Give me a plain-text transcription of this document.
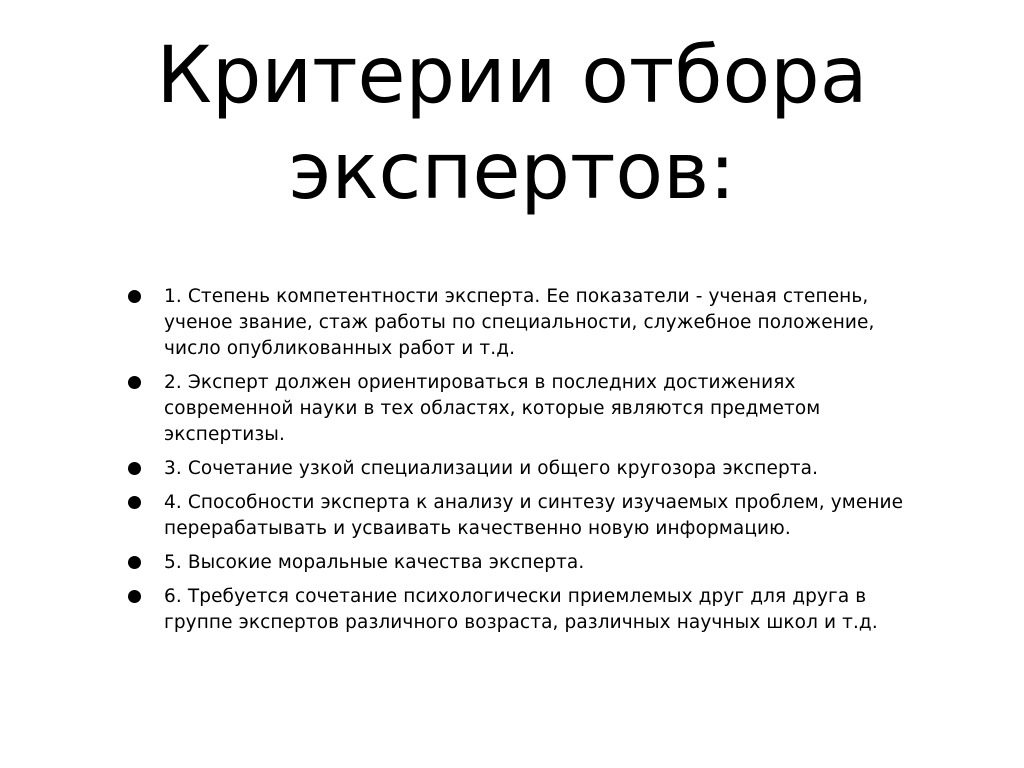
Критерии отбора
экспертов:
1. Степень компетентности эксперта. Ее показатели - ученая степень, ученое звание, стаж работы по специальности, служебное положение, число опубликованных работ и т.д.
2. Эксперт должен ориентироваться в последних достижениях современной науки в тех областях, которые являются предметом экспертизы.
3. Сочетание узкой специализации и общего кругозора эксперта.
4. Способности эксперта к анализу и синтезу изучаемых проблем, умение перерабатывать и усваивать качественно новую информацию.
5. Высокие моральные качества эксперта.
6. Требуется сочетание психологически приемлемых друг для друга в группе экспертов различного возраста, различных научных школ и т.д.
